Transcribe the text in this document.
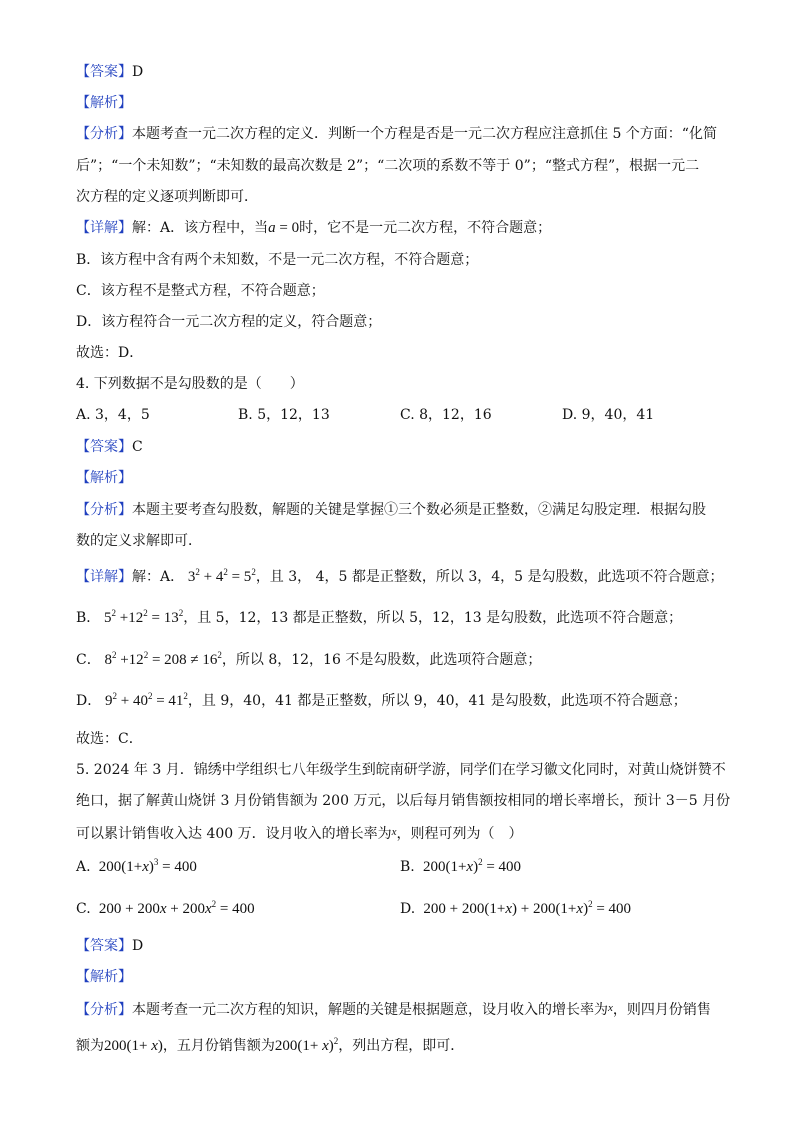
【答案】D
【解析】
【分析】本题考查一元二次方程的定义．判断一个方程是否是一元二次方程应注意抓住 5 个方面：“化简
后”；“一个未知数”；“未知数的最高次数是 2”；“二次项的系数不等于 0”；“整式方程”，根据一元二
次方程的定义逐项判断即可．
【详解】解：A．该方程中，当a = 0时，它不是一元二次方程，不符合题意；
B．该方程中含有两个未知数，不是一元二次方程，不符合题意；
C．该方程不是整式方程，不符合题意；
D．该方程符合一元二次方程的定义，符合题意；
故选：D．
4. 下列数据不是勾股数的是（　　）
A. 3，4，5	B. 5，12，13	C. 8，12，16	D. 9，40，41
【答案】C
【解析】
【分析】本题主要考查勾股数，解题的关键是掌握①三个数必须是正整数，②满足勾股定理．根据勾股
数的定义求解即可．
【详解】解：A． $3^2 + 4^2 = 5^2$，且 3， 4，5 都是正整数，所以 3，4，5 是勾股数，此选项不符合题意；
B． $5^2 +12^2 = 13^2$，且 5，12，13 都是正整数，所以 5，12，13 是勾股数，此选项不符合题意；
C． $8^2 +12^2 = 208 \ne 16^2$，所以 8，12，16 不是勾股数，此选项符合题意；
D． $9^2 + 40^2 = 41^2$，且 9，40，41 都是正整数，所以 9，40，41 是勾股数，此选项不符合题意；
故选：C．
5. 2024 年 3 月．锦绣中学组织七八年级学生到皖南研学游，同学们在学习徽文化同时，对黄山烧饼赞不
绝口，据了解黄山烧饼 3 月份销售额为 200 万元，以后每月销售额按相同的增长率增长，预计 3－5 月份
可以累计销售收入达 400 万．设月收入的增长率为$^x$，则程可列为（　）
A.  $200(1+x)^3 = 400$	B.  $200(1+x)^2 = 400$
C.  $200 + 200x + 200x^2 = 400$	D.  $200 + 200(1+x) + 200(1+x)^2 = 400$
【答案】D
【解析】
【分析】本题考查一元二次方程的知识，解题的关键是根据题意，设月收入的增长率为$^x$，则四月份销售
额为200(1+ x)，五月份销售额为$200(1+ x)^2$，列出方程，即可．
